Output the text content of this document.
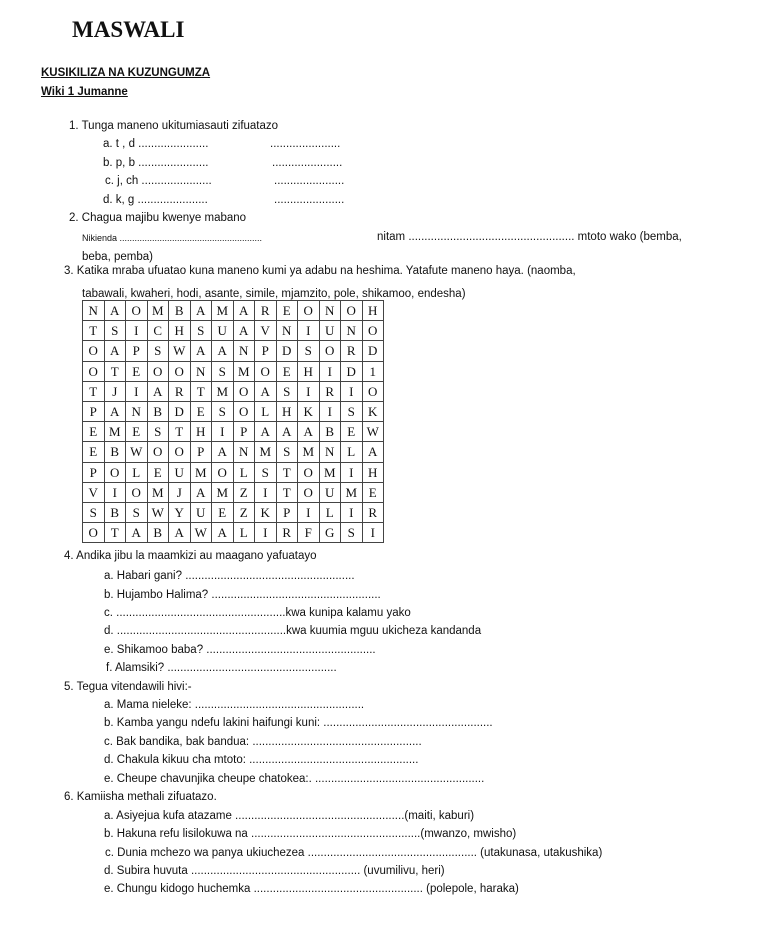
MASWALI
KUSIKILIZA NA KUZUNGUMZA
Wiki 1 Jumanne
1. Tunga maneno ukitumiasauti zifuatazo
a. t , d ......................	......................
b. p, b ......................	......................
c. j, ch ......................	......................
d. k, g ......................	......................
2. Chagua majibu kwenye mabano
Nikienda .........................................................	nitam .................................................... mtoto wako (bemba,
beba, pemba)
3. Katika mraba ufuatao kuna maneno kumi ya adabu na heshima. Yatafute maneno haya. (naomba,
tabawali, kwaheri, hodi, asante, simile, mjamzito, pole, shikamoo, endesha)
N	A	O	M	B	A	M	A	R	E	O	N	O	H
T	S	I	C	H	S	U	A	V	N	I	U	N	O
O	A	P	S	W	A	A	N	P	D	S	O	R	D
O	T	E	O	O	N	S	M	O	E	H	I	D	1
T	J	I	A	R	T	M	O	A	S	I	R	I	O
P	A	N	B	D	E	S	O	L	H	K	I	S	K
E	M	E	S	T	H	I	P	A	A	A	B	E	W
E	B	W	O	O	P	A	N	M	S	M	N	L	A
P	O	L	E	U	M	O	L	S	T	O	M	I	H
V	I	O	M	J	A	M	Z	I	T	O	U	M	E
S	B	S	W	Y	U	E	Z	K	P	I	L	I	R
O	T	A	B	A	W	A	L	I	R	F	G	S	I
4. Andika jibu la maamkizi au maagano yafuatayo
a. Habari gani? .....................................................
b. Hujambo Halima? .....................................................
c. .....................................................kwa kunipa kalamu yako
d. .....................................................kwa kuumia mguu ukicheza kandanda
e. Shikamoo baba? .....................................................
f. Alamsiki? .....................................................
5. Tegua vitendawili hivi:-
a. Mama nieleke: .....................................................
b. Kamba yangu ndefu lakini haifungi kuni: .....................................................
c. Bak bandika, bak bandua: .....................................................
d. Chakula kikuu cha mtoto: .....................................................
e. Cheupe chavunjika cheupe chatokea:. .....................................................
6. Kamiisha methali zifuatazo.
a. Asiyejua kufa atazame .....................................................(maiti, kaburi)
b. Hakuna refu lisilokuwa na .....................................................(mwanzo, mwisho)
c. Dunia mchezo wa panya ukiuchezea ..................................................... (utakunasa, utakushika)
d. Subira huvuta ..................................................... (uvumilivu, heri)
e. Chungu kidogo huchemka ..................................................... (polepole, haraka)
